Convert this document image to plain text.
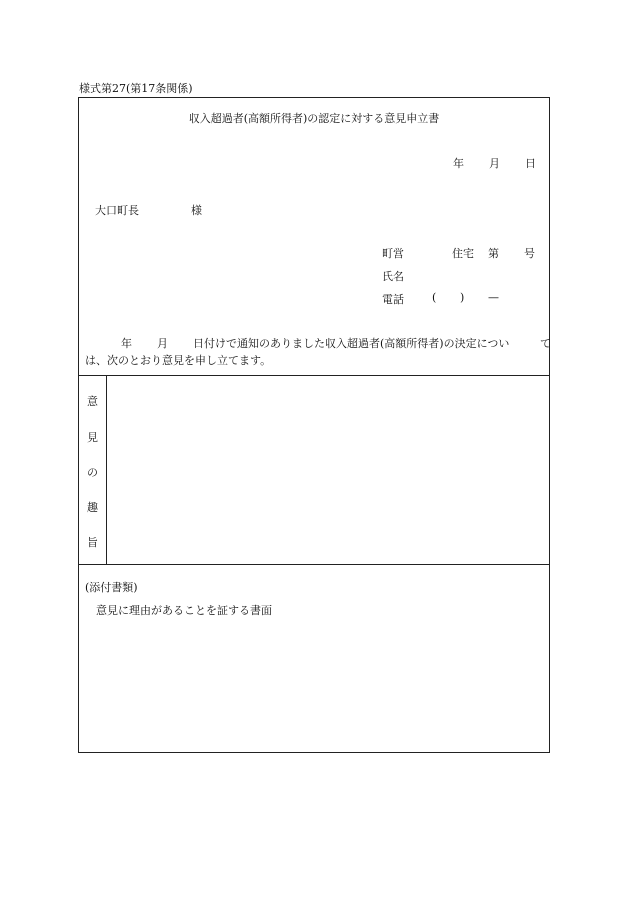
様式第27(第17条関係)
収入超過者(高額所得者)の認定に対する意見申立書
年 月 日
大口町長	様
町営	住宅 第 号
氏名
電話	( ) —
年 月 日付けで通知のありました収入超過者(高額所得者)の決定につい	て
は、次のとおり意見を申し立てます。
意
見
の
趣
旨
(添付書類)
意見に理由があることを証する書面
